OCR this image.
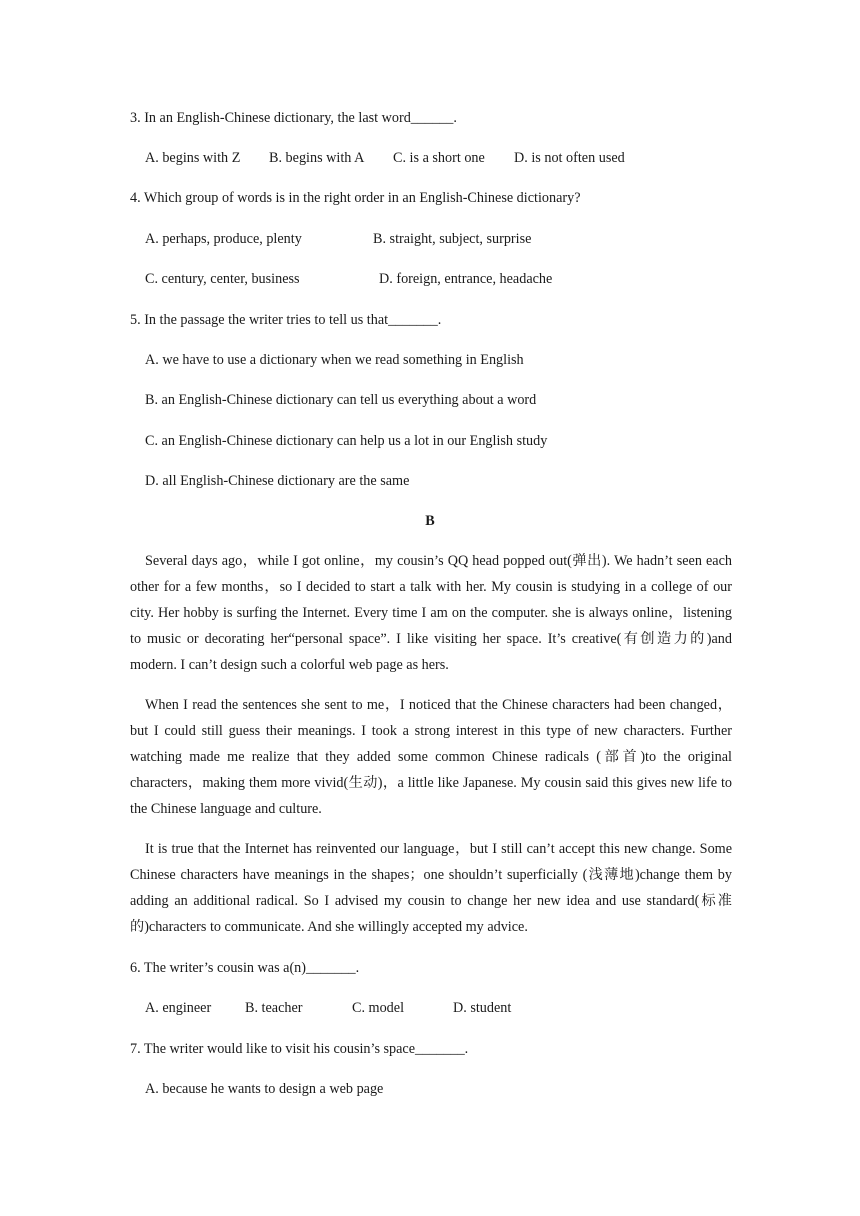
3. In an English-Chinese dictionary, the last word______.
A. begins with Z B. begins with A C. is a short one D. is not often used
4. Which group of words is in the right order in an English-Chinese dictionary?
A. perhaps, produce, plenty	B. straight, subject, surprise
C. century, center, business	D. foreign, entrance, headache
5. In the passage the writer tries to tell us that_______.
A. we have to use a dictionary when we read something in English
B. an English-Chinese dictionary can tell us everything about a word
C. an English-Chinese dictionary can help us a lot in our English study
D. all English-Chinese dictionary are the same
B

Several days ago，while I got online，my cousin’s QQ head popped out(弹出). We hadn’t seen each other for a few months，so I decided to start a talk with her. My cousin is studying in a college of our city. Her hobby is surfing the Internet. Every time I am on the computer. she is always online，listening to music or decorating her“personal space”. I like visiting her space. It’s creative(有创造力的)and modern. I can’t design such a colorful web page as hers.

When I read the sentences she sent to me，I noticed that the Chinese characters had been changed，but I could still guess their meanings. I took a strong interest in this type of new characters. Further watching made me realize that they added some common Chinese radicals (部首)to the original characters，making them more vivid(生动)，a little like Japanese. My cousin said this gives new life to the Chinese language and culture.

It is true that the Internet has reinvented our language，but I still can’t accept this new change. Some Chinese characters have meanings in the shapes；one shouldn’t superficially (浅薄地)change them by adding an additional radical. So I advised my cousin to change her new idea and use standard(标准的)characters to communicate. And she willingly accepted my advice.

6. The writer’s cousin was a(n)_______.
A. engineer B. teacher	C. model	D. student
7. The writer would like to visit his cousin’s space_______.
A. because he wants to design a web page
